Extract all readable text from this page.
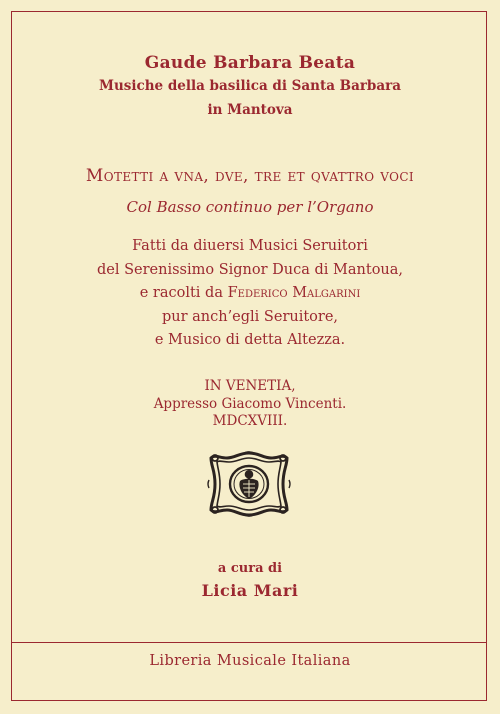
Gaude Barbara Beata
Musiche della basilica di Santa Barbara
in Mantova
Motetti a vna, dve, tre et qvattro voci
Col Basso continuo per l’Organo
Fatti da diuersi Musici Seruitori
del Serenissimo Signor Duca di Mantoua,
e racolti da Federico Malgarini
pur anch’egli Seruitore,
e Musico di detta Altezza.
IN VENETIA,
Appresso Giacomo Vincenti.
MDCXVIII.
a cura di
Licia Mari
Libreria Musicale Italiana
